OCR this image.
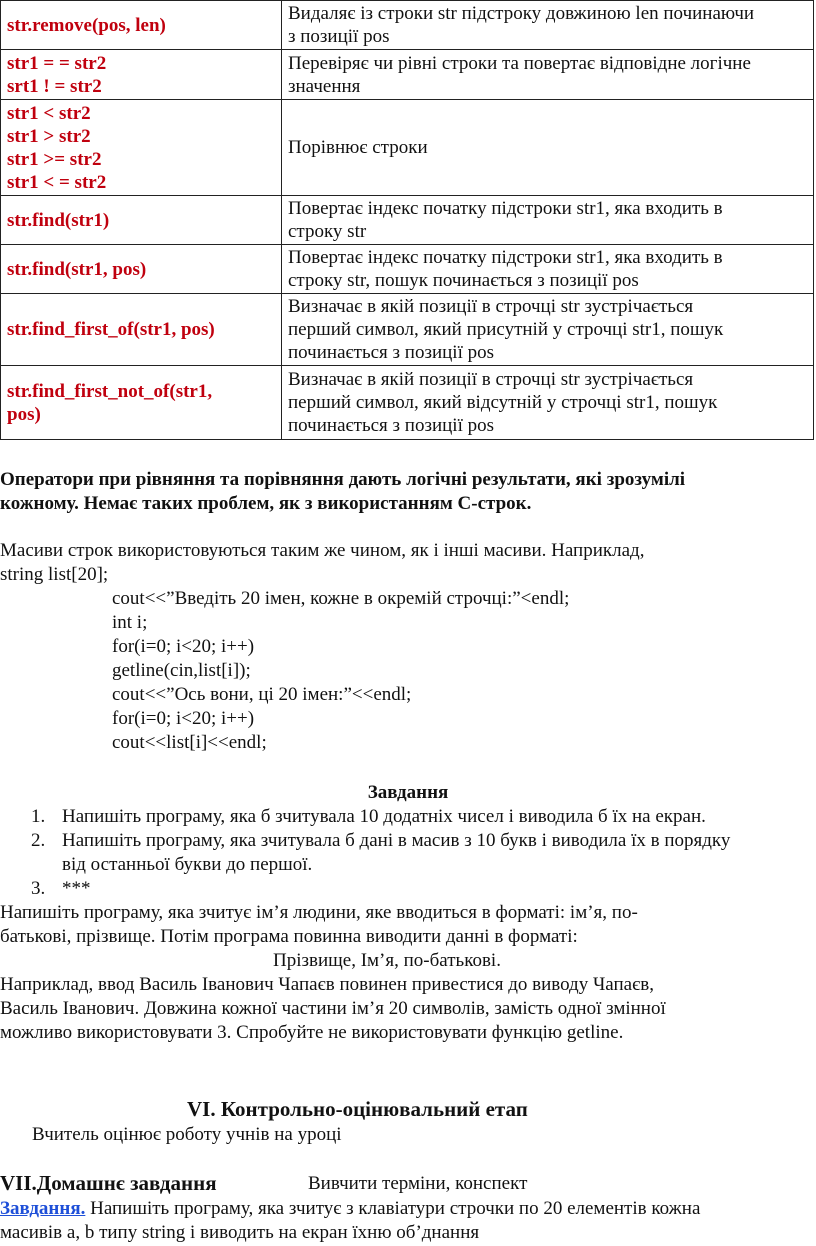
str.remove(pos, len)	Видаляє із строки str підстроку довжиною len починаючи
з позиції pos

str1 = = str2
srt1 ! = str2	Перевіряє чи рівні строки та повертає відповідне логічне
значення

str1 < str2
str1 > str2
str1 >= str2
str1 < = str2	Порівнює строки

str.find(str1)	Повертає індекс початку підстроки str1, яка входить в
строку str

str.find(str1, pos)	Повертає індекс початку підстроки str1, яка входить в
строку str, пошук починається з позиції pos

str.find_first_of(str1, pos)	Визначає в якій позиції в строчці str зустрічається
перший символ, який присутній у строчці str1, пошук
починається з позиції pos

str.find_first_not_of(str1,
pos)	Визначає в якій позиції в строчці str зустрічається
перший символ, який відсутній у строчці str1, пошук
починається з позиції pos
Оператори при рівняння та порівняння дають логічні результати, які зрозумілі
кожному. Немає таких проблем, як з використанням С-строк.
Масиви строк використовуються таким же чином, як і інші масиви. Наприклад,
string list[20];
cout<<”Введіть 20 імен, кожне в окремій строчці:”<endl;
int i;
for(i=0; i<20; i++)
getline(cin,list[i]);
cout<<”Ось вони, ці 20 імен:”<<endl;
for(i=0; i<20; i++)
cout<<list[i]<<endl;
Завдання
1. Напишіть програму, яка б зчитувала 10 додатніх чисел і виводила б їх на екран.
2. Напишіть програму, яка зчитувала б дані в масив з 10 букв і виводила їх в порядку
від останньої букви до першої.
3. ***
Напишіть програму, яка зчитує ім’я людини, яке вводиться в форматі: ім’я, по-
батькові, прізвище. Потім програма повинна виводити данні в форматі:
Прізвище, Ім’я, по-батькові.
Наприклад, ввод Василь Іванович Чапаєв повинен привестися до виводу Чапаєв,
Василь Іванович. Довжина кожної частини ім’я 20 символів, замість одної змінної
можливо використовувати 3. Спробуйте не використовувати функцію getline.
VI. Контрольно-оцінювальний етап
Вчитель оцінює роботу учнів на уроці
VII.Домашнє завдання	Вивчити терміни, конспект
Завдання. Напишіть програму, яка зчитує з клавіатури строчки по 20 елементів кожна
масивів a, b типу string і виводить на екран їхню об’днання
